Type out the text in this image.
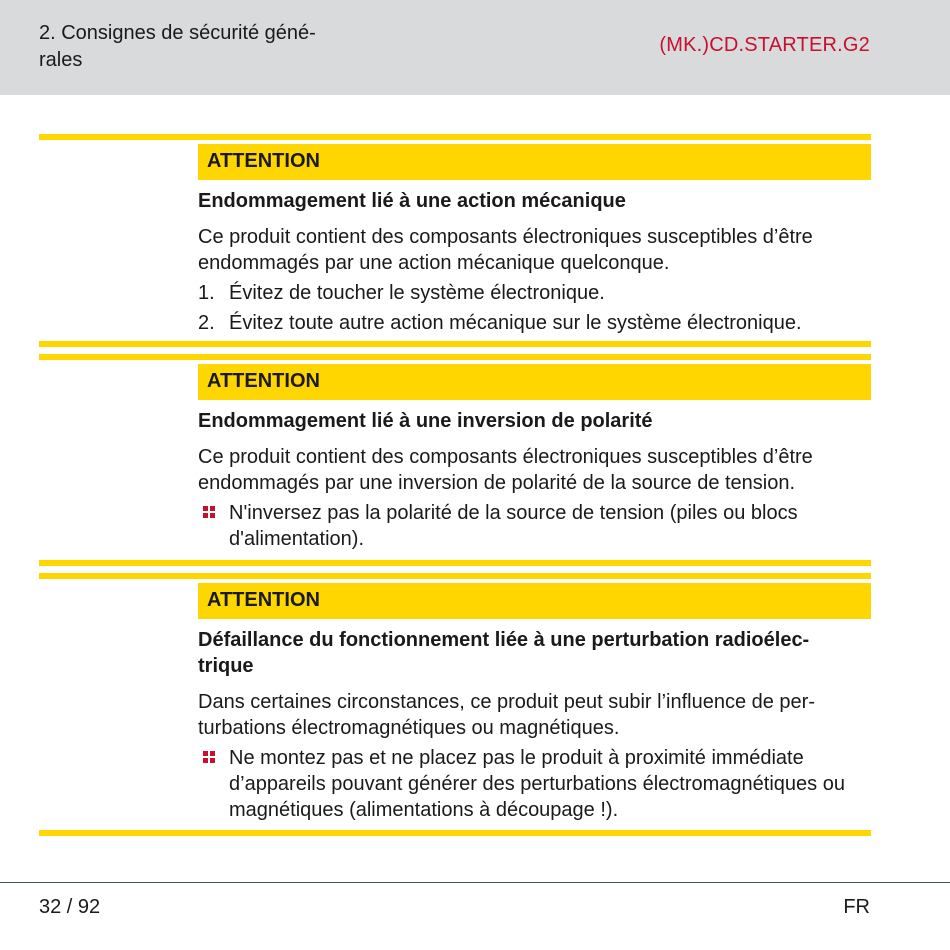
2. Consignes de sécurité géné-
rales
(MK.)CD.STARTER.G2
ATTENTION
Endommagement lié à une action mécanique

Ce produit contient des composants électroniques susceptibles d’être endommagés par une action mécanique quelconque.

1. Évitez de toucher le système électronique.
2. Évitez toute autre action mécanique sur le système électronique.
ATTENTION
Endommagement lié à une inversion de polarité

Ce produit contient des composants électroniques susceptibles d’être endommagés par une inversion de polarité de la source de tension.

N'inversez pas la polarité de la source de tension (piles ou blocs d'alimentation).
ATTENTION
Défaillance du fonctionnement liée à une perturbation radioélec-trique

Dans certaines circonstances, ce produit peut subir l’influence de per-turbations électromagnétiques ou magnétiques.

Ne montez pas et ne placez pas le produit à proximité immédiate d’appareils pouvant générer des perturbations électromagnétiques ou magnétiques (alimentations à découpage !).
32 / 92	FR
